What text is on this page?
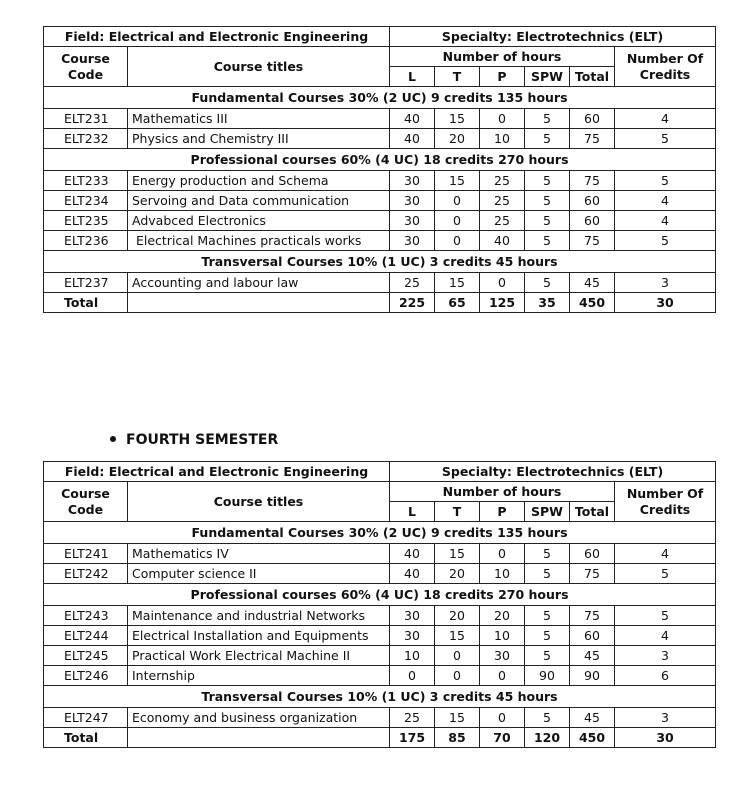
Field: Electrical and Electronic Engineering		Specialty: Electrotechnics (ELT)					
Course Code	Course titles	Number of hours					Number Of Credits
		L	T	P	SPW	Total	
Fundamental Courses 30% (2 UC) 9 credits 135 hours							
ELT231	Mathematics III	40	15	0	5	60	4
ELT232	Physics and Chemistry III	40	20	10	5	75	5
Professional courses 60% (4 UC) 18 credits 270 hours							
ELT233	Energy production and Schema	30	15	25	5	75	5
ELT234	Servoing and Data communication	30	0	25	5	60	4
ELT235	Advabced Electronics	30	0	25	5	60	4
ELT236	Electrical Machines practicals works	30	0	40	5	75	5
Transversal Courses 10% (1 UC) 3 credits 45 hours							
ELT237	Accounting and labour law	25	15	0	5	45	3
Total		225	65	125	35	450	30
FOURTH SEMESTER
Field: Electrical and Electronic Engineering		Specialty: Electrotechnics (ELT)					
Course Code	Course titles	Number of hours					Number Of Credits
		L	T	P	SPW	Total	
Fundamental Courses 30% (2 UC) 9 credits 135 hours							
ELT241	Mathematics IV	40	15	0	5	60	4
ELT242	Computer science II	40	20	10	5	75	5
Professional courses 60% (4 UC) 18 credits 270 hours							
ELT243	Maintenance and industrial Networks	30	20	20	5	75	5
ELT244	Electrical Installation and Equipments	30	15	10	5	60	4
ELT245	Practical Work Electrical Machine II	10	0	30	5	45	3
ELT246	Internship	0	0	0	90	90	6
Transversal Courses 10% (1 UC) 3 credits 45 hours							
ELT247	Economy and business organization	25	15	0	5	45	3
Total		175	85	70	120	450	30
